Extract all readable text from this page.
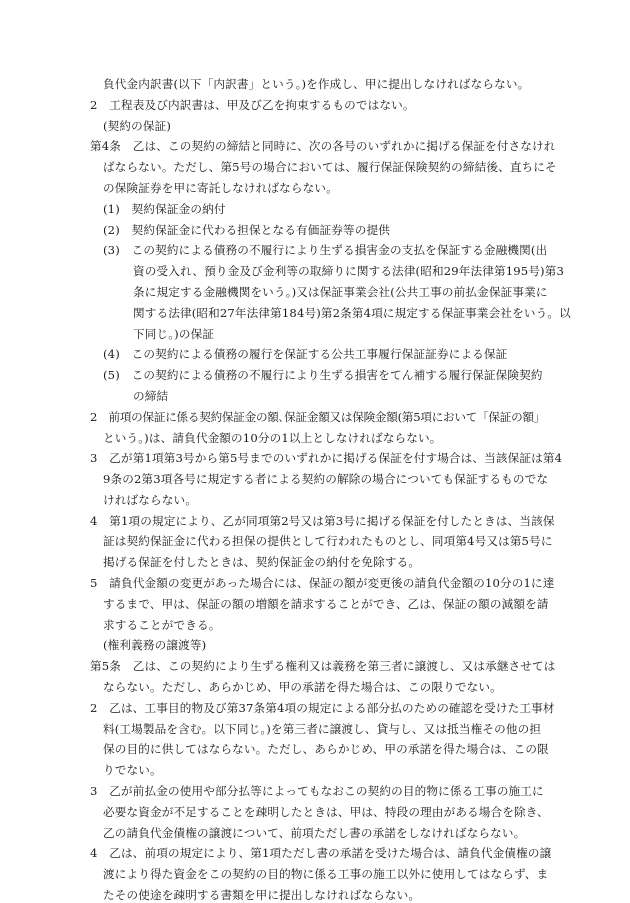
負代金内訳書(以下「内訳書」という。)を作成し、甲に提出しなければならない。
2　工程表及び内訳書は、甲及び乙を拘束するものではない。
(契約の保証)
第4条　乙は、この契約の締結と同時に、次の各号のいずれかに掲げる保証を付さなけれ
ばならない。ただし、第5号の場合においては、履行保証保険契約の締結後、直ちにそ
の保険証券を甲に寄託しなければならない。
(1)　契約保証金の納付
(2)　契約保証金に代わる担保となる有価証券等の提供
(3)　この契約による債務の不履行により生ずる損害金の支払を保証する金融機関(出
資の受入れ、預り金及び金利等の取締りに関する法律(昭和29年法律第195号)第3
条に規定する金融機関をいう。)又は保証事業会社(公共工事の前払金保証事業に
関する法律(昭和27年法律第184号)第2条第4項に規定する保証事業会社をいう。以
下同じ。)の保証
(4)　この契約による債務の履行を保証する公共工事履行保証証券による保証
(5)　この契約による債務の不履行により生ずる損害をてん補する履行保証保険契約
の締結
2　前項の保証に係る契約保証金の額､保証金額又は保険金額(第5項において「保証の額」
という。)は、請負代金額の10分の1以上としなければならない。
3　乙が第1項第3号から第5号までのいずれかに掲げる保証を付す場合は、当該保証は第4
9条の2第3項各号に規定する者による契約の解除の場合についても保証するものでな
ければならない。
4　第1項の規定により、乙が同項第2号又は第3号に掲げる保証を付したときは、当該保
証は契約保証金に代わる担保の提供として行われたものとし、同項第4号又は第5号に
掲げる保証を付したときは、契約保証金の納付を免除する。
5　請負代金額の変更があった場合には、保証の額が変更後の請負代金額の10分の1に達
するまで、甲は、保証の額の増額を請求することができ、乙は、保証の額の減額を請
求することができる。
(権利義務の譲渡等)
第5条　乙は、この契約により生ずる権利又は義務を第三者に譲渡し、又は承継させては
ならない。ただし、あらかじめ、甲の承諾を得た場合は、この限りでない。
2　乙は、工事目的物及び第37条第4項の規定による部分払のための確認を受けた工事材
料(工場製品を含む。以下同じ。)を第三者に譲渡し、貸与し、又は抵当権その他の担
保の目的に供してはならない。ただし、あらかじめ、甲の承諾を得た場合は、この限
りでない。
3　乙が前払金の使用や部分払等によってもなおこの契約の目的物に係る工事の施工に
必要な資金が不足することを疎明したときは、甲は、特段の理由がある場合を除き、
乙の請負代金債権の譲渡について、前項ただし書の承諾をしなければならない。
4　乙は、前項の規定により、第1項ただし書の承諾を受けた場合は、請負代金債権の譲
渡により得た資金をこの契約の目的物に係る工事の施工以外に使用してはならず、ま
たその使途を疎明する書類を甲に提出しなければならない。
